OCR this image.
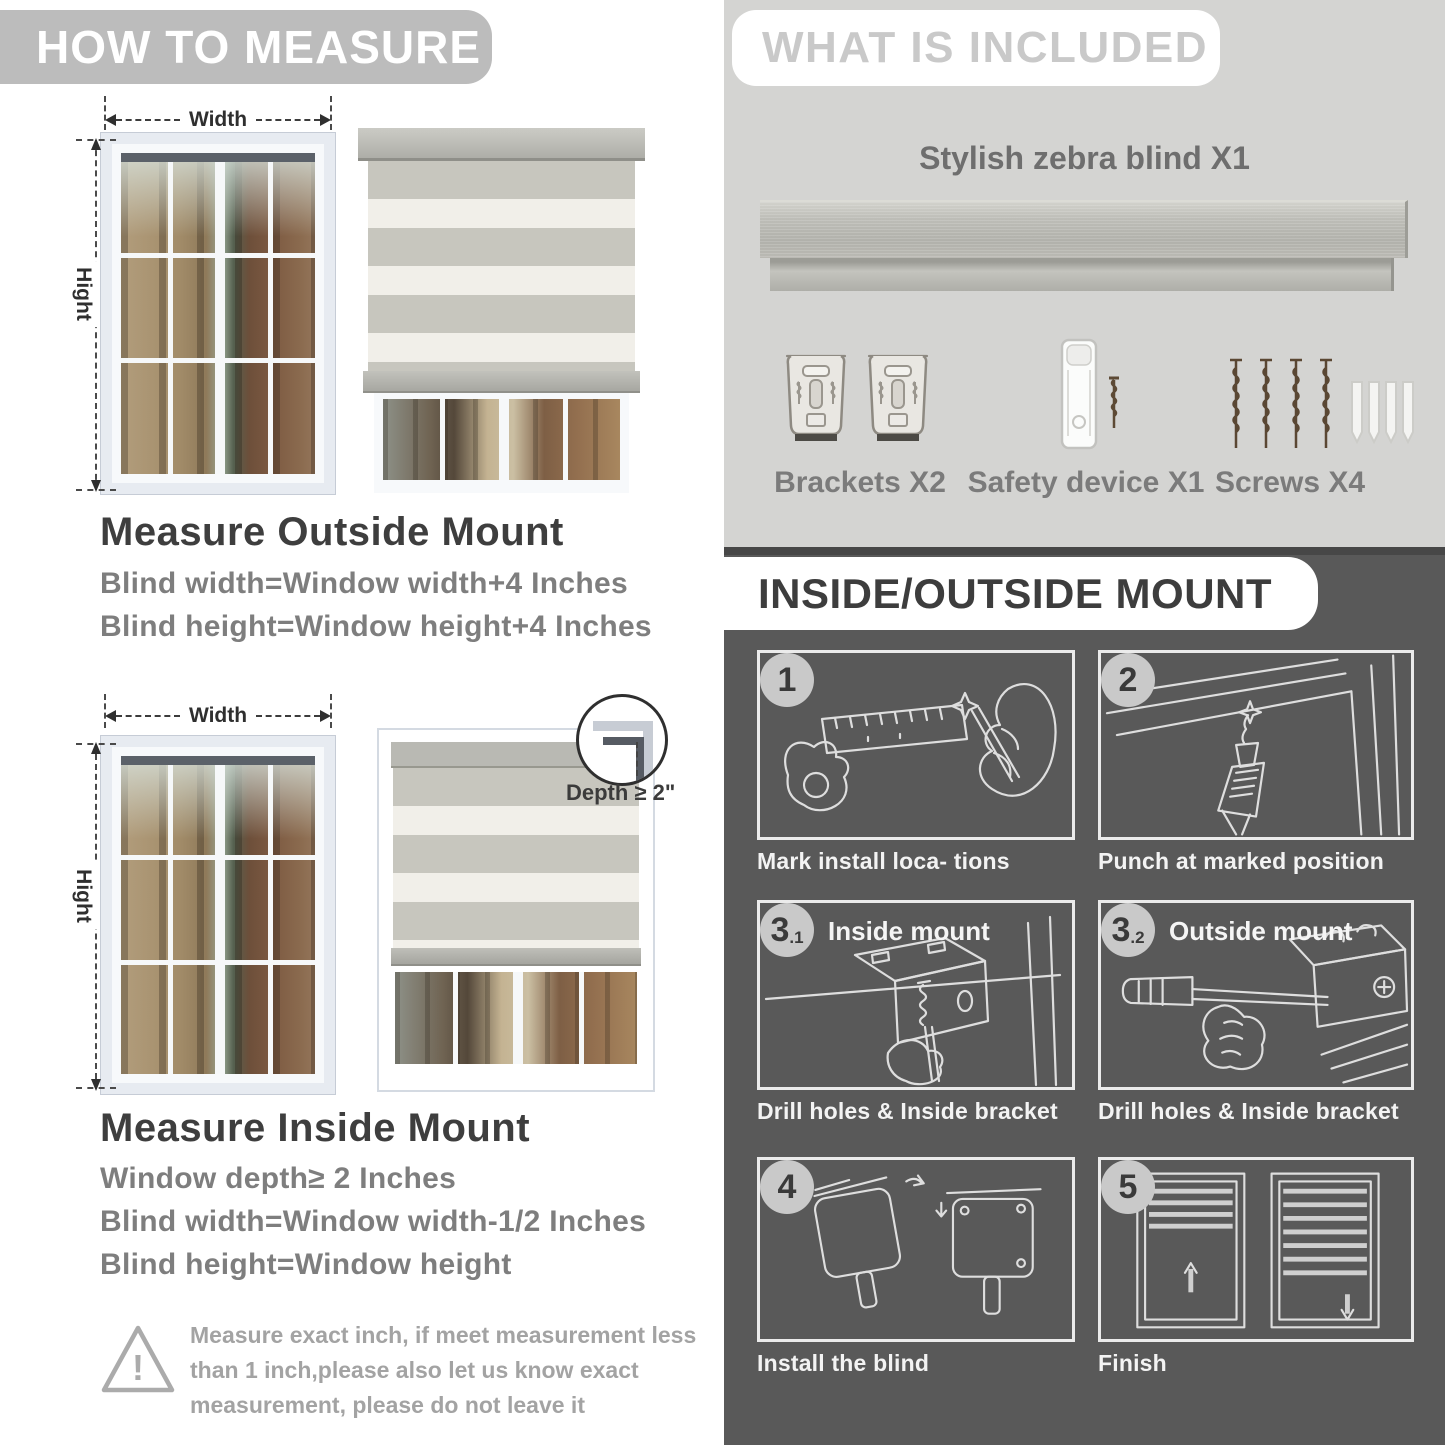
HOW TO MEASURE
Width
Hight
Measure Outside Mount
Blind width=Window width+4 Inches
Blind height=Window height+4 Inches
Width
Hight
Depth ≥ 2"
Measure Inside Mount
Window depth≥ 2 Inches
Blind width=Window width-1/2 Inches
Blind height=Window height
!
Measure exact inch, if meet measurement less
than 1 inch,please also let us know exact
measurement, please do not leave it
WHAT IS INCLUDED
Stylish zebra blind X1
Brackets X2 Safety device X1 Screws X4
INSIDE/OUTSIDE MOUNT
1
Mark install loca- tions
2
Punch at marked position
3 .1 Inside mount
Drill holes & Inside bracket
3 .2 Outside mount
Drill holes & Inside bracket
4
Install the blind
5
Finish
